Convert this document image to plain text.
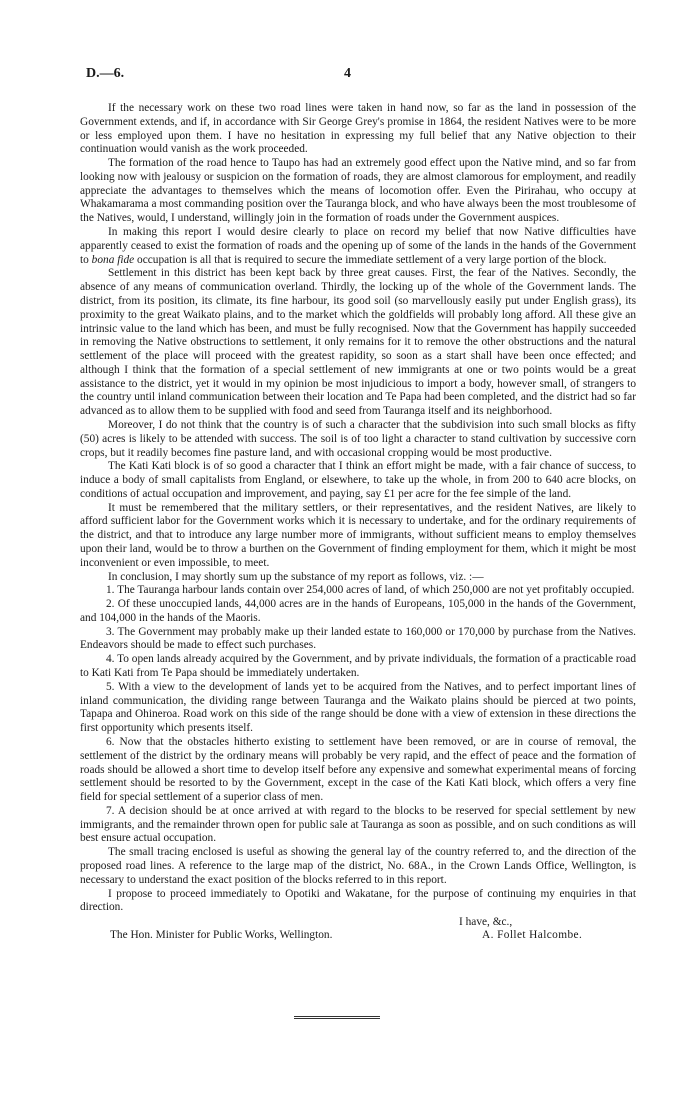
D.—6.	4

If the necessary work on these two road lines were taken in hand now, so far as the land in possession of the Government extends, and if, in accordance with Sir George Grey's promise in 1864, the resident Natives were to be more or less employed upon them. I have no hesitation in expressing my full belief that any Native objection to their continuation would vanish as the work proceeded.

The formation of the road hence to Taupo has had an extremely good effect upon the Native mind, and so far from looking now with jealousy or suspicion on the formation of roads, they are almost clamorous for employment, and readily appreciate the advantages to themselves which the means of locomotion offer. Even the Pirirahau, who occupy at Whakamarama a most commanding position over the Tauranga block, and who have always been the most troublesome of the Natives, would, I understand, willingly join in the formation of roads under the Government auspices.

In making this report I would desire clearly to place on record my belief that now Native difficulties have apparently ceased to exist the formation of roads and the opening up of some of the lands in the hands of the Government to bona fide occupation is all that is required to secure the immediate settlement of a very large portion of the block.

Settlement in this district has been kept back by three great causes. First, the fear of the Natives. Secondly, the absence of any means of communication overland. Thirdly, the locking up of the whole of the Government lands. The district, from its position, its climate, its fine harbour, its good soil (so marvellously easily put under English grass), its proximity to the great Waikato plains, and to the market which the goldfields will probably long afford. All these give an intrinsic value to the land which has been, and must be fully recognised. Now that the Government has happily succeeded in removing the Native obstructions to settlement, it only remains for it to remove the other obstructions and the natural settlement of the place will proceed with the greatest rapidity, so soon as a start shall have been once effected; and although I think that the formation of a special settlement of new immigrants at one or two points would be a great assistance to the district, yet it would in my opinion be most injudicious to import a body, however small, of strangers to the country until inland communication between their location and Te Papa had been completed, and the district had so far advanced as to allow them to be supplied with food and seed from Tauranga itself and its neighborhood.

Moreover, I do not think that the country is of such a character that the subdivision into such small blocks as fifty (50) acres is likely to be attended with success. The soil is of too light a character to stand cultivation by successive corn crops, but it readily becomes fine pasture land, and with occasional cropping would be most productive.

The Kati Kati block is of so good a character that I think an effort might be made, with a fair chance of success, to induce a body of small capitalists from England, or elsewhere, to take up the whole, in from 200 to 640 acre blocks, on conditions of actual occupation and improvement, and paying, say £1 per acre for the fee simple of the land.

It must be remembered that the military settlers, or their representatives, and the resident Natives, are likely to afford sufficient labor for the Government works which it is necessary to undertake, and for the ordinary requirements of the district, and that to introduce any large number more of immigrants, without sufficient means to employ themselves upon their land, would be to throw a burthen on the Government of finding employment for them, which it might be most inconvenient or even impossible, to meet.

In conclusion, I may shortly sum up the substance of my report as follows, viz. :—

1. The Tauranga harbour lands contain over 254,000 acres of land, of which 250,000 are not yet profitably occupied.

2. Of these unoccupied lands, 44,000 acres are in the hands of Europeans, 105,000 in the hands of the Government, and 104,000 in the hands of the Maoris.

3. The Government may probably make up their landed estate to 160,000 or 170,000 by purchase from the Natives. Endeavors should be made to effect such purchases.

4. To open lands already acquired by the Government, and by private individuals, the formation of a practicable road to Kati Kati from Te Papa should be immediately undertaken.

5. With a view to the development of lands yet to be acquired from the Natives, and to perfect important lines of inland communication, the dividing range between Tauranga and the Waikato plains should be pierced at two points, Tapapa and Ohinerоa. Road work on this side of the range should be done with a view of extension in these directions the first opportunity which presents itself.

6. Now that the obstacles hitherto existing to settlement have been removed, or are in course of removal, the settlement of the district by the ordinary means will probably be very rapid, and the effect of peace and the formation of roads should be allowed a short time to develop itself before any expensive and somewhat experimental means of forcing settlement should be resorted to by the Government, except in the case of the Kati Kati block, which offers a very fine field for special settlement of a superior class of men.

7. A decision should be at once arrived at with regard to the blocks to be reserved for special settlement by new immigrants, and the remainder thrown open for public sale at Tauranga as soon as possible, and on such conditions as will best ensure actual occupation.

The small tracing enclosed is useful as showing the general lay of the country referred to, and the direction of the proposed road lines. A reference to the large map of the district, No. 68A., in the Crown Lands Office, Wellington, is necessary to understand the exact position of the blocks referred to in this report.

I propose to proceed immediately to Opotiki and Wakatane, for the purpose of continuing my enquiries in that direction.

I have, &c.,
The Hon. Minister for Public Works, Wellington.	A. Follet Halcombe.
